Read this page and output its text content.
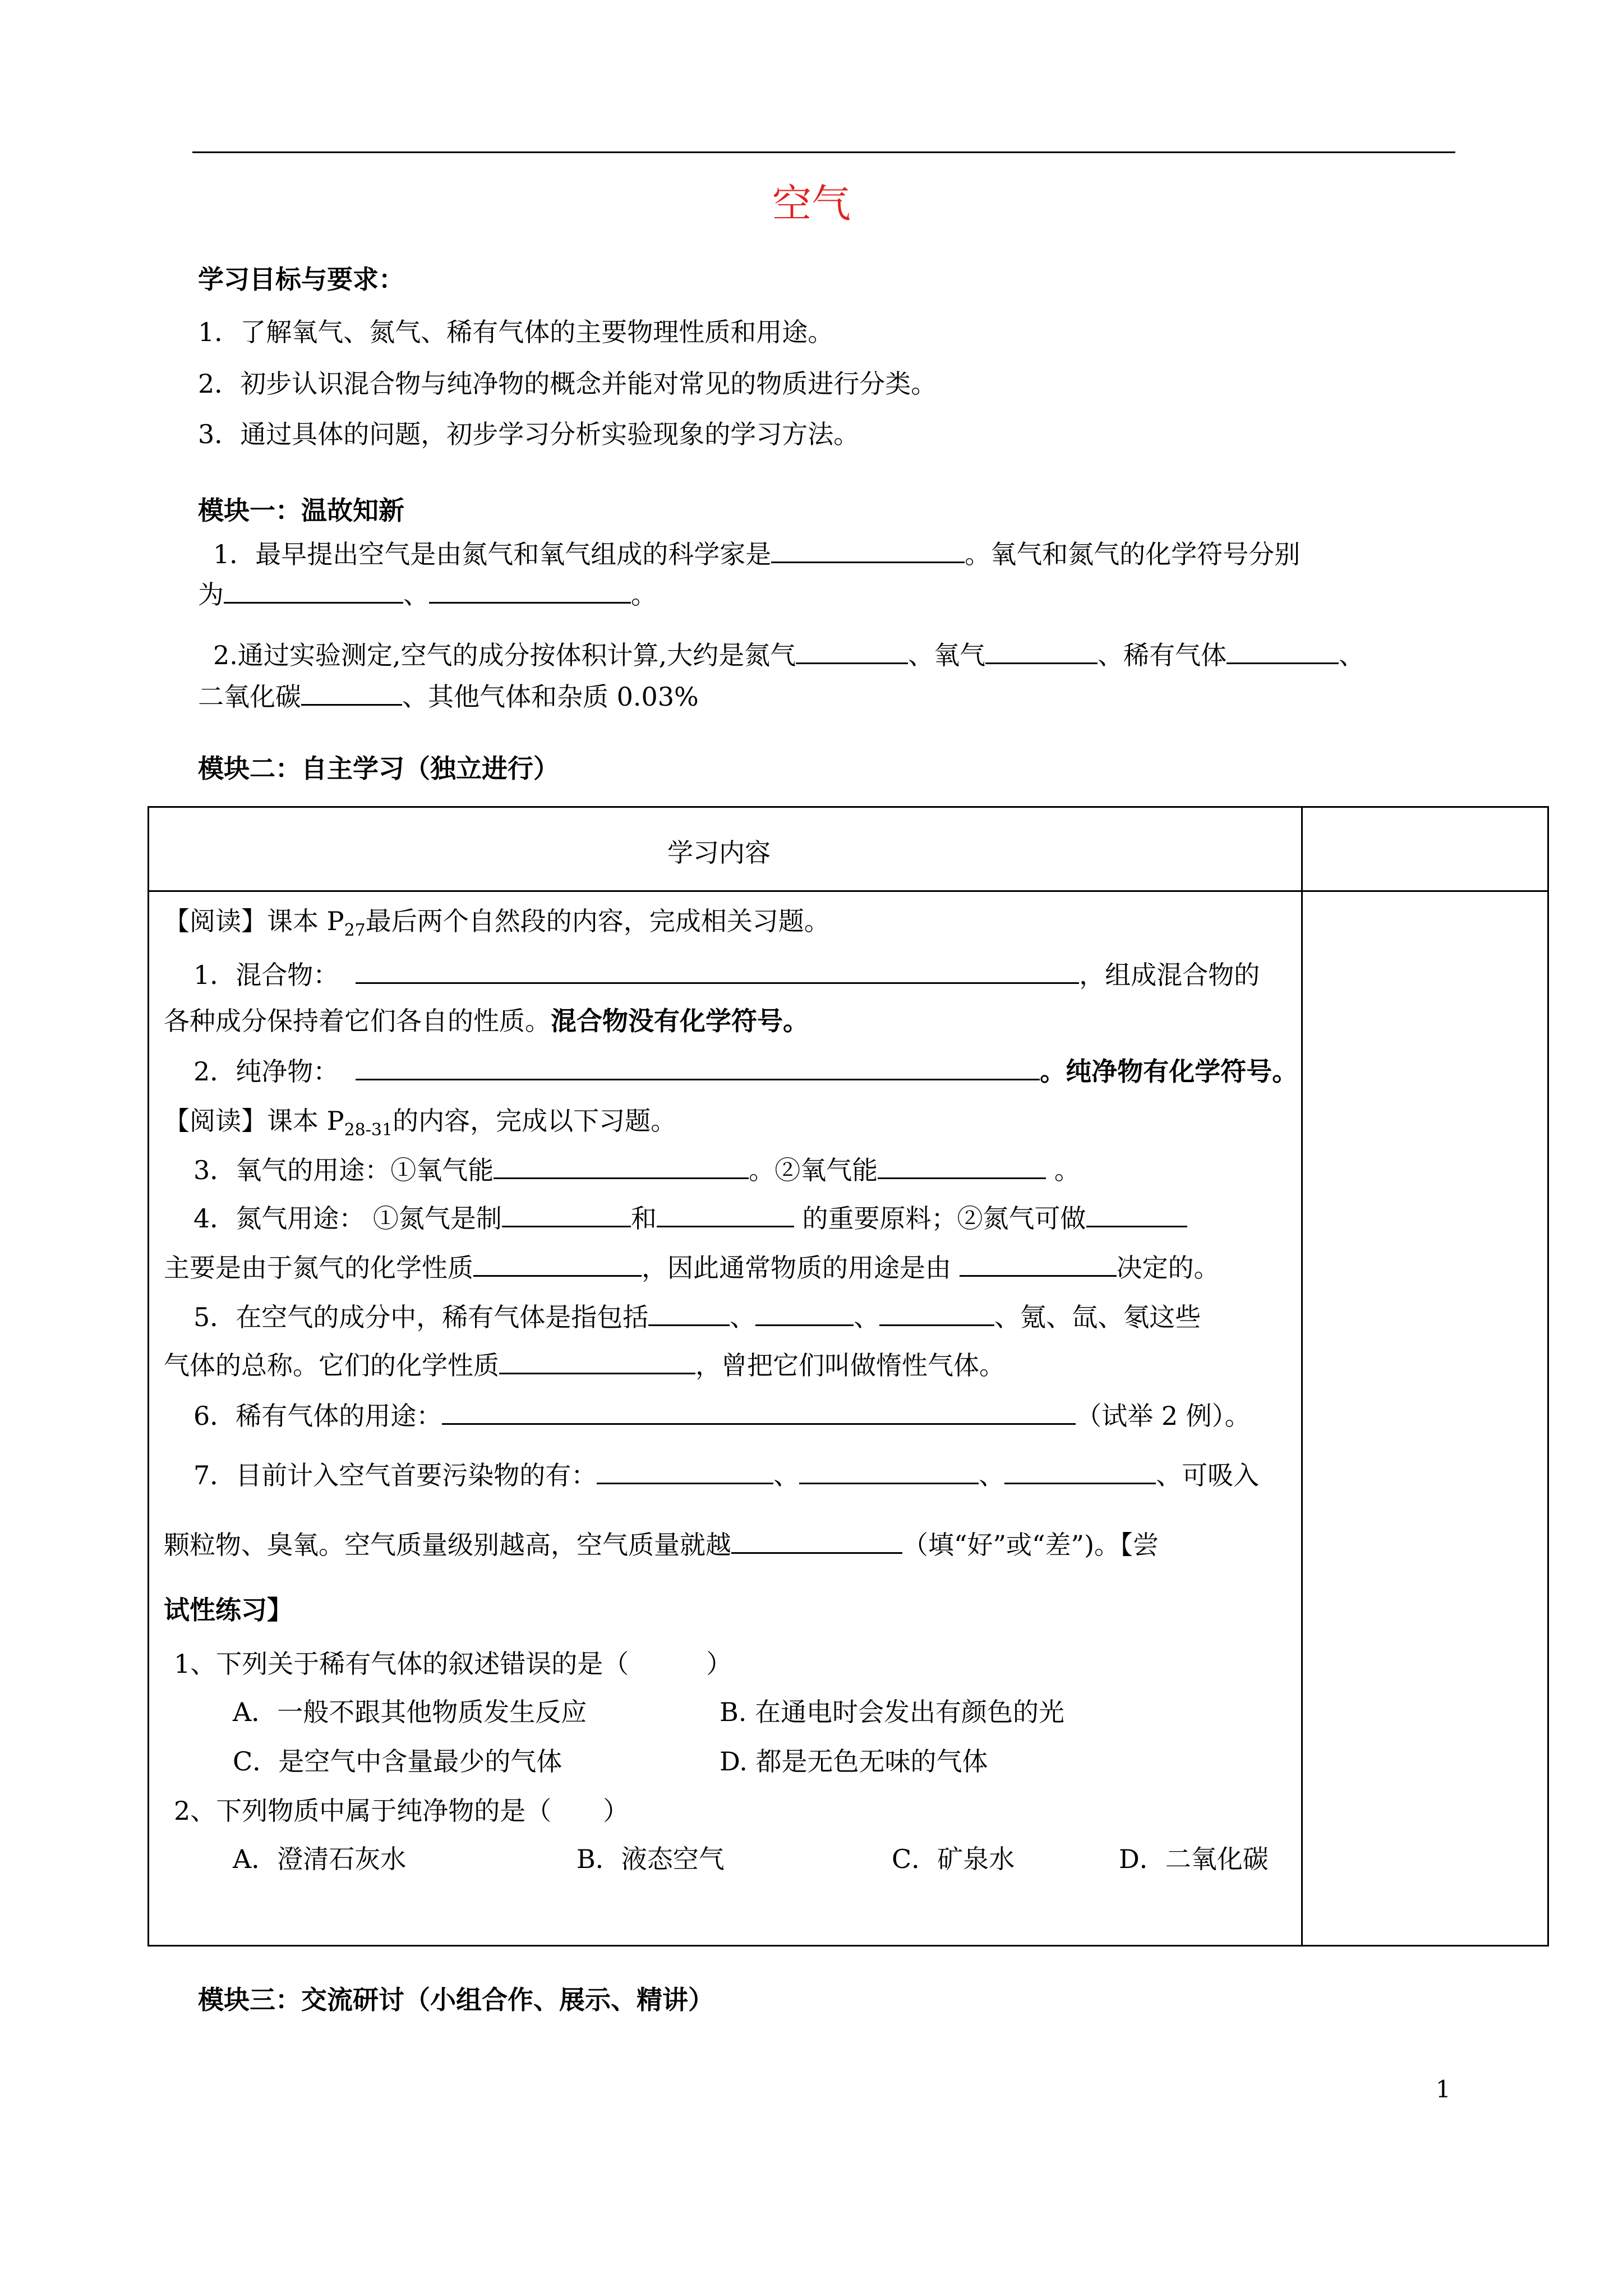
空气
学习目标与要求：
1．了解氧气、氮气、稀有气体的主要物理性质和用途。
2．初步认识混合物与纯净物的概念并能对常见的物质进行分类。
3．通过具体的问题，初步学习分析实验现象的学习方法。
模块一：温故知新
1．最早提出空气是由氮气和氧气组成的科学家是	。氧气和氮气的化学符号分别
为	、	。
2.通过实验测定,空气的成分按体积计算,大约是氮气	、氧气	、稀有气体	、
二氧化碳	、其他气体和杂质 0.03%
模块二：自主学习（独立进行）
学习内容
【阅读】课本 $P_{27}$最后两个自然段的内容，完成相关习题。
1．混合物：	，组成混合物的
各种成分保持着它们各自的性质。混合物没有化学符号。
2．纯净物：	。纯净物有化学符号。
【阅读】课本 $P_{28-31}$的内容，完成以下习题。
3．氧气的用途：①氧气能	。②氧气能	。
4．氮气用途： ①氮气是制	和	的重要原料；②氮气可做
主要是由于氮气的化学性质	，因此通常物质的用途是由	决定的。
5．在空气的成分中，稀有气体是指包括	、	、	、氪、氙、氡这些
气体的总称。它们的化学性质	，曾把它们叫做惰性气体。
6．稀有气体的用途：	（试举 2 例）。
7．目前计入空气首要污染物的有：	、	、	、可吸入
颗粒物、臭氧。空气质量级别越高，空气质量就越	（填“好”或“差”)。【尝
试性练习】
1、下列关于稀有气体的叙述错误的是（　　　）
A．一般不跟其他物质发生反应	B. 在通电时会发出有颜色的光
C．是空气中含量最少的气体	D. 都是无色无味的气体
2、下列物质中属于纯净物的是（　　）
A．澄清石灰水	B．液态空气	C．矿泉水	D．二氧化碳
模块三：交流研讨（小组合作、展示、精讲）
1
